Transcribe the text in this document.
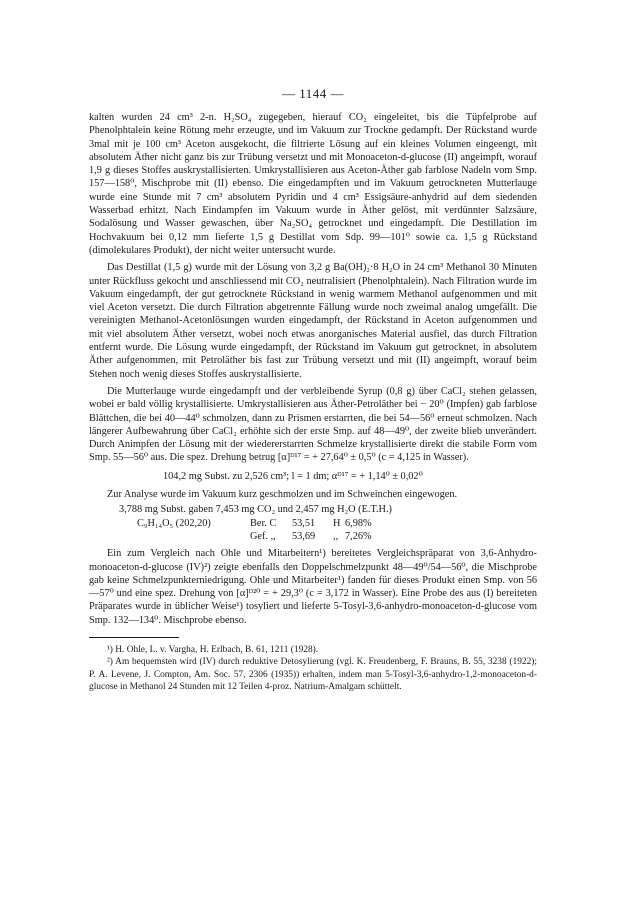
— 1144 —

kalten wurden 24 cm³ 2-n. H₂SO₄ zugegeben, hierauf CO₂ eingeleitet, bis die Tüpfelprobe auf Phenolphtalein keine Rötung mehr erzeugte, und im Vakuum zur Trockne gedampft. Der Rückstand wurde 3mal mit je 100 cm³ Aceton ausgekocht, die filtrierte Lösung auf ein kleines Volumen eingeengt, mit absolutem Äther nicht ganz bis zur Trübung versetzt und mit Monoaceton-d-glucose (II) angeimpft, worauf 1,9 g dieses Stoffes auskrystallisierten. Umkrystallisieren aus Aceton-Äther gab farblose Nadeln vom Smp. 157—158⁰, Mischprobe mit (II) ebenso. Die eingedampften und im Vakuum getrockneten Mutterlauge wurde eine Stunde mit 7 cm³ absolutem Pyridin und 4 cm³ Essigsäure-anhydrid auf dem siedenden Wasserbad erhitzt. Nach Eindampfen im Vakuum wurde in Äther gelöst, mit verdünnter Salzsäure, Sodalösung und Wasser gewaschen, über Na₂SO₄ getrocknet und eingedampft. Die Destillation im Hochvakuum bei 0,12 mm lieferte 1,5 g Destillat vom Sdp. 99—101⁰ sowie ca. 1,5 g Rückstand (dimolekulares Produkt), der nicht weiter untersucht wurde.

Das Destillat (1,5 g) wurde mit der Lösung von 3,2 g Ba(OH)₂·8 H₂O in 24 cm³ Methanol 30 Minuten unter Rückfluss gekocht und anschliessend mit CO₂ neutralisiert (Phenolphtalein). Nach Filtration wurde im Vakuum eingedampft, der gut getrocknete Rückstand in wenig warmem Methanol aufgenommen und mit viel Aceton versetzt. Die durch Filtration abgetrennte Fällung wurde noch zweimal analog umgefällt. Die vereinigten Methanol-Acetonlösungen wurden eingedampft, der Rückstand in Aceton aufgenommen und mit viel absolutem Äther versetzt, wobei noch etwas anorganisches Material ausfiel, das durch Filtration entfernt wurde. Die Lösung wurde eingedampft, der Rückstand im Vakuum gut getrocknet, in absolutem Äther aufgenommen, mit Petroläther bis fast zur Trübung versetzt und mit (II) angeimpft, worauf beim Stehen noch wenig dieses Stoffes auskrystallisierte.

Die Mutterlauge wurde eingedampft und der verbleibende Syrup (0,8 g) über CaCl₂ stehen gelassen, wobei er bald völlig krystallisierte. Umkrystallisieren aus Äther-Petroläther bei − 20⁰ (Impfen) gab farblose Blättchen, die bei 40—44⁰ schmolzen, dann zu Prismen erstarrten, die bei 54—56⁰ erneut schmolzen. Nach längerer Aufbewahrung über CaCl₂ erhöhte sich der erste Smp. auf 48—49⁰, der zweite blieb unverändert. Durch Animpfen der Lösung mit der wiedererstarrten Schmelze krystallisierte direkt die stabile Form vom Smp. 55—56⁰ aus. Die spez. Drehung betrug [α]ᴰ¹⁷ = + 27,64⁰ ± 0,5⁰ (c = 4,125 in Wasser).

104,2 mg Subst. zu 2,526 cm³; l = 1 dm; αᴰ¹⁷ = + 1,14⁰ ± 0,02⁰

Zur Analyse wurde im Vakuum kurz geschmolzen und im Schweinchen eingewogen.

3,788 mg Subst. gaben 7,453 mg CO₂ und 2,457 mg H₂O (E.T.H.)
C₉H₁₄O₅ (202,20)	Ber. C	53,51	H 6,98%
Gef. ,,	53,69	,, 7,26%

Ein zum Vergleich nach Ohle und Mitarbeitern¹) bereitetes Vergleichspräparat von 3,6-Anhydro-monoaceton-d-glucose (IV)²) zeigte ebenfalls den Doppelschmelzpunkt 48—49⁰/54—56⁰, die Mischprobe gab keine Schmelzpunkterniedrigung. Ohle und Mitarbeiter¹) fanden für dieses Produkt einen Smp. von 56—57⁰ und eine spez. Drehung von [α]ᴰ²⁰ = + 29,3⁰ (c = 3,172 in Wasser). Eine Probe des aus (I) bereiteten Präparates wurde in üblicher Weise¹) tosyliert und lieferte 5-Tosyl-3,6-anhydro-monoaceton-d-glucose vom Smp. 132—134⁰. Mischprobe ebenso.

¹) H. Ohle, L. v. Vargha, H. Erlbach, B. 61, 1211 (1928).

²) Am bequemsten wird (IV) durch reduktive Detosylierung (vgl. K. Freudenberg, F. Brauns, B. 55, 3238 (1922); P. A. Levene, J. Compton, Am. Soc. 57, 2306 (1935)) erhalten, indem man 5-Tosyl-3,6-anhydro-1,2-monoaceton-d-glucose in Methanol 24 Stunden mit 12 Teilen 4-proz. Natrium-Amalgam schüttelt.
